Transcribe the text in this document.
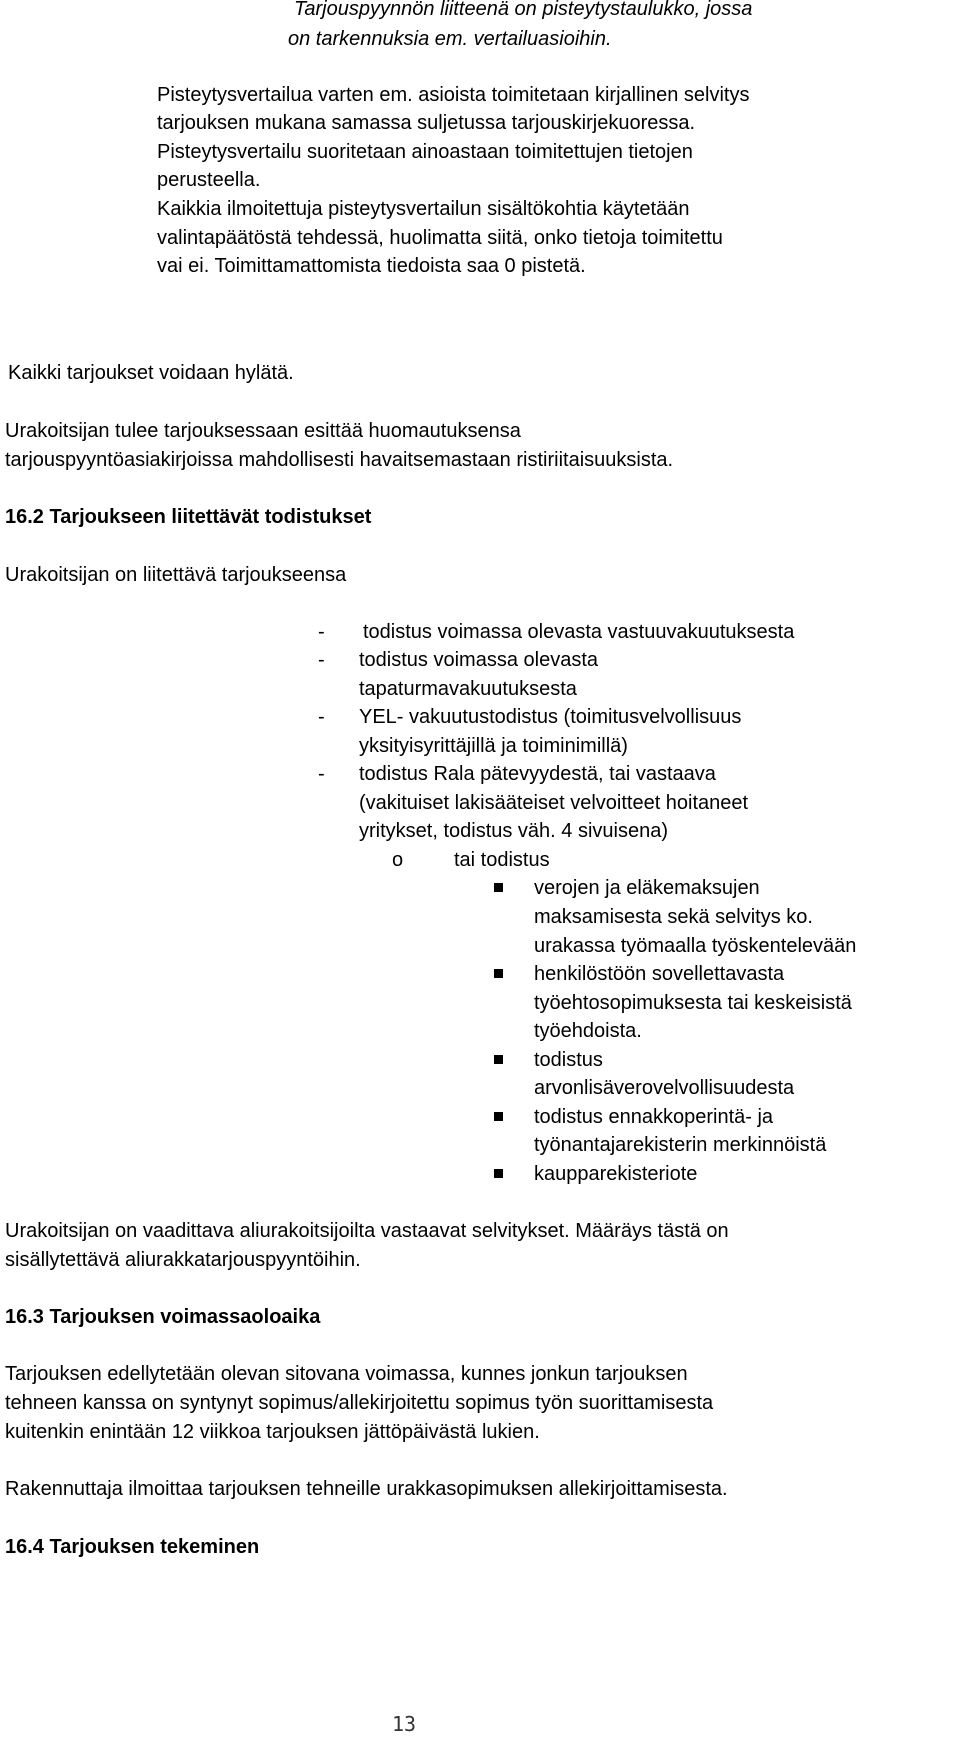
Tarjouspyynnön liitteenä on pisteytystaulukko, jossa
on tarkennuksia em. vertailuasioihin.
Pisteytysvertailua varten em. asioista toimitetaan kirjallinen selvitys
tarjouksen mukana samassa suljetussa tarjouskirjekuoressa.
Pisteytysvertailu suoritetaan ainoastaan toimitettujen tietojen
perusteella.
Kaikkia ilmoitettuja pisteytysvertailun sisältökohtia käytetään
valintapäätöstä tehdessä, huolimatta siitä, onko tietoja toimitettu
vai ei. Toimittamattomista tiedoista saa 0 pistetä.
Kaikki tarjoukset voidaan hylätä.
Urakoitsijan tulee tarjouksessaan esittää huomautuksensa
tarjouspyyntöasiakirjoissa mahdollisesti havaitsemastaan ristiriitaisuuksista.
16.2 Tarjoukseen liitettävät todistukset
Urakoitsijan on liitettävä tarjoukseensa
- todistus voimassa olevasta vastuuvakuutuksesta
- todistus voimassa olevasta
tapaturmavakuutuksesta
- YEL- vakuutustodistus (toimitusvelvollisuus
yksityisyrittäjillä ja toiminimillä)
- todistus Rala pätevyydestä, tai vastaava
(vakituiset lakisääteiset velvoitteet hoitaneet
yritykset, todistus väh. 4 sivuisena)
o	tai todistus
verojen ja eläkemaksujen
maksamisesta sekä selvitys ko.
urakassa työmaalla työskentelevään
henkilöstöön sovellettavasta
työehtosopimuksesta tai keskeisistä
työehdoista.
todistus
arvonlisäverovelvollisuudesta
todistus ennakkoperintä- ja
työnantajarekisterin merkinnöistä
kaupparekisteriote
Urakoitsijan on vaadittava aliurakoitsijoilta vastaavat selvitykset. Määräys tästä on
sisällytettävä aliurakkatarjouspyyntöihin.
16.3 Tarjouksen voimassaoloaika
Tarjouksen edellytetään olevan sitovana voimassa, kunnes jonkun tarjouksen
tehneen kanssa on syntynyt sopimus/allekirjoitettu sopimus työn suorittamisesta
kuitenkin enintään 12 viikkoa tarjouksen jättöpäivästä lukien.
Rakennuttaja ilmoittaa tarjouksen tehneille urakkasopimuksen allekirjoittamisesta.
16.4 Tarjouksen tekeminen
13
